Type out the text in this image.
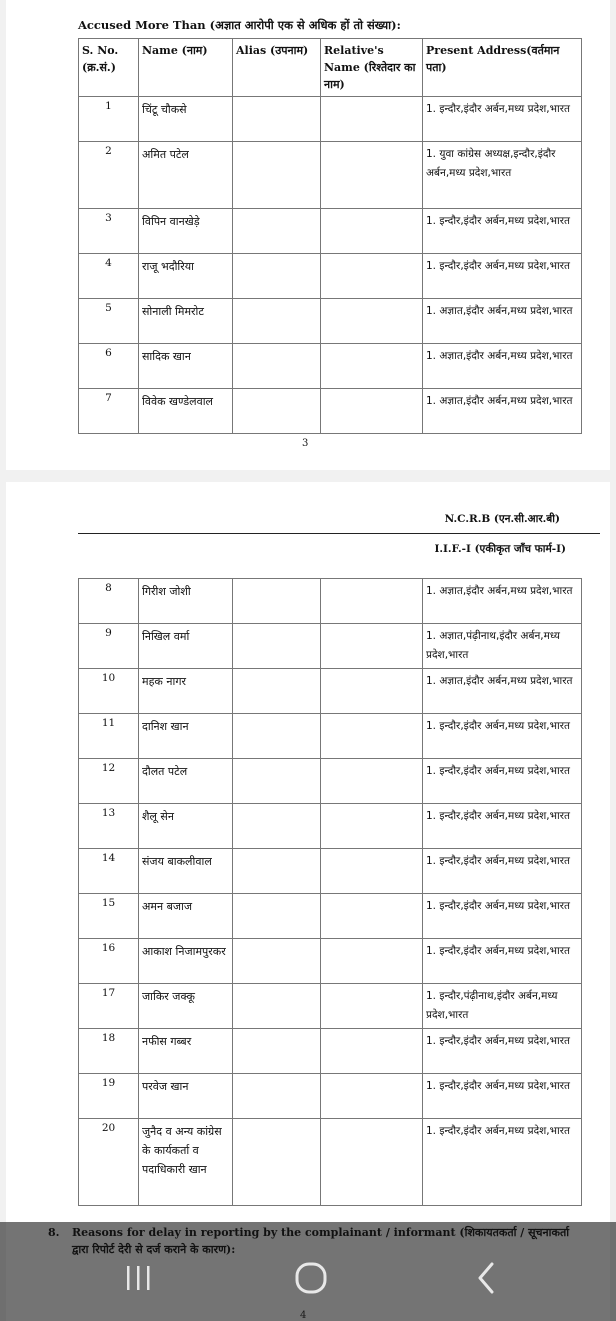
Accused More Than (अज्ञात आरोपी एक से अधिक हों तो संख्या):
S. No. (क्र.सं.)	Name (नाम)	Alias (उपनाम)	Relative's Name (रिश्तेदार का नाम)	Present Address(वर्तमान पता)
1	चिंटू चौकसे			1. इन्दौर,इंदौर अर्बन,मध्य प्रदेश,भारत
2	अमित पटेल			1. युवा कांग्रेस अध्यक्ष,इन्दौर,इंदौर अर्बन,मध्य प्रदेश,भारत
3	विपिन वानखेड़े			1. इन्दौर,इंदौर अर्बन,मध्य प्रदेश,भारत
4	राजू भदौरिया			1. इन्दौर,इंदौर अर्बन,मध्य प्रदेश,भारत
5	सोनाली मिमरोट			1. अज्ञात,इंदौर अर्बन,मध्य प्रदेश,भारत
6	सादिक खान			1. अज्ञात,इंदौर अर्बन,मध्य प्रदेश,भारत
7	विवेक खण्डेलवाल			1. अज्ञात,इंदौर अर्बन,मध्य प्रदेश,भारत
3
N.C.R.B (एन.सी.आर.बी)
I.I.F.-I (एकीकृत जाँच फार्म-I)
8	गिरीश जोशी			1. अज्ञात,इंदौर अर्बन,मध्य प्रदेश,भारत
9	निखिल वर्मा			1. अज्ञात,पंढ़ीनाथ,इंदौर अर्बन,मध्य प्रदेश,भारत
10	महक नागर			1. अज्ञात,इंदौर अर्बन,मध्य प्रदेश,भारत
11	दानिश खान			1. इन्दौर,इंदौर अर्बन,मध्य प्रदेश,भारत
12	दौलत पटेल			1. इन्दौर,इंदौर अर्बन,मध्य प्रदेश,भारत
13	शैलू सेन			1. इन्दौर,इंदौर अर्बन,मध्य प्रदेश,भारत
14	संजय बाकलीवाल			1. इन्दौर,इंदौर अर्बन,मध्य प्रदेश,भारत
15	अमन बजाज			1. इन्दौर,इंदौर अर्बन,मध्य प्रदेश,भारत
16	आकाश निजामपुरकर			1. इन्दौर,इंदौर अर्बन,मध्य प्रदेश,भारत
17	जाकिर जक्कू			1. इन्दौर,पंढ़ीनाथ,इंदौर अर्बन,मध्य प्रदेश,भारत
18	नफीस गब्बर			1. इन्दौर,इंदौर अर्बन,मध्य प्रदेश,भारत
19	परवेज खान			1. इन्दौर,इंदौर अर्बन,मध्य प्रदेश,भारत
20	जुनैद व अन्य कांग्रेस के कार्यकर्ता व पदाधिकारी खान			1. इन्दौर,इंदौर अर्बन,मध्य प्रदेश,भारत
8. Reasons for delay in reporting by the complainant / informant (शिकायतकर्ता / सूचनाकर्ता द्वारा रिपोर्ट देरी से दर्ज कराने के कारण):
